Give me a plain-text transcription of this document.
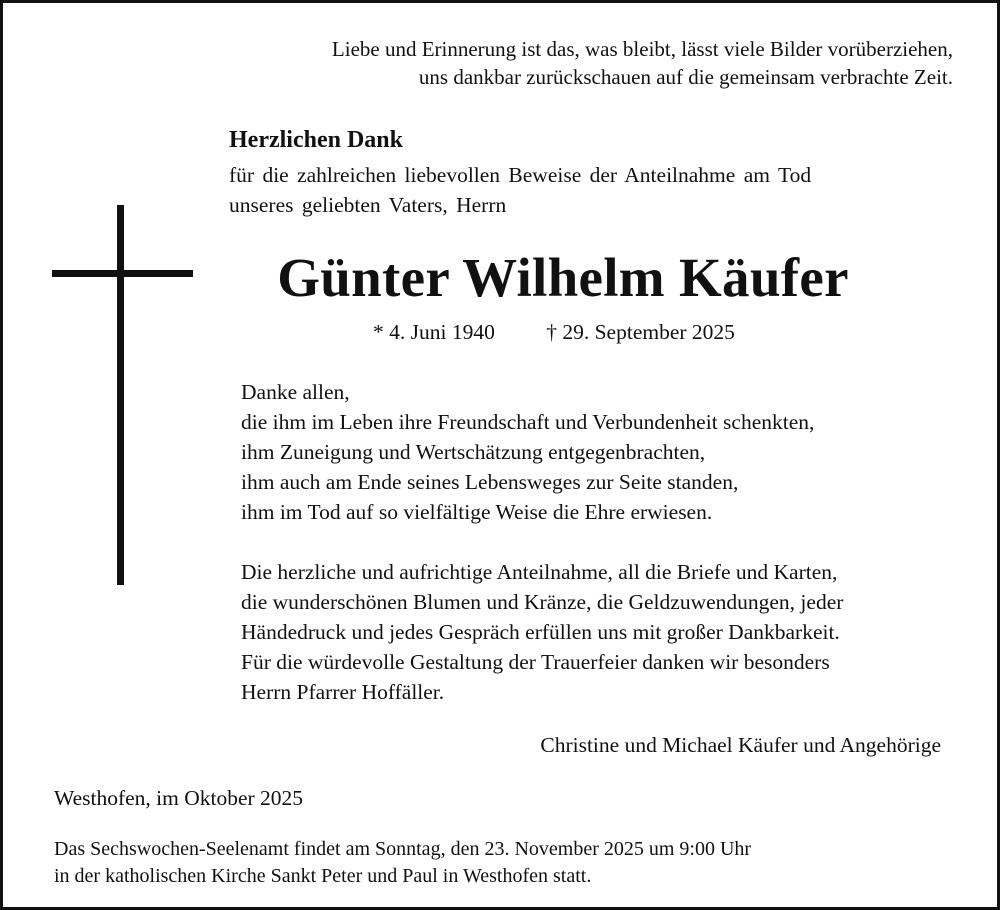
Liebe und Erinnerung ist das, was bleibt, lässt viele Bilder vorüberziehen,
uns dankbar zurückschauen auf die gemeinsam verbrachte Zeit.
Herzlichen Dank
für die zahlreichen liebevollen Beweise der Anteilnahme am Tod
unseres geliebten Vaters, Herrn
Günter Wilhelm Käufer
* 4. Juni 1940 † 29. September 2025
Danke allen,
die ihm im Leben ihre Freundschaft und Verbundenheit schenkten,
ihm Zuneigung und Wertschätzung entgegenbrachten,
ihm auch am Ende seines Lebensweges zur Seite standen,
ihm im Tod auf so vielfältige Weise die Ehre erwiesen.
Die herzliche und aufrichtige Anteilnahme, all die Briefe und Karten,
die wunderschönen Blumen und Kränze, die Geldzuwendungen, jeder
Händedruck und jedes Gespräch erfüllen uns mit großer Dankbarkeit.
Für die würdevolle Gestaltung der Trauerfeier danken wir besonders
Herrn Pfarrer Hoffäller.
Christine und Michael Käufer und Angehörige
Westhofen, im Oktober 2025
Das Sechswochen-Seelenamt findet am Sonntag, den 23. November 2025 um 9:00 Uhr
in der katholischen Kirche Sankt Peter und Paul in Westhofen statt.
